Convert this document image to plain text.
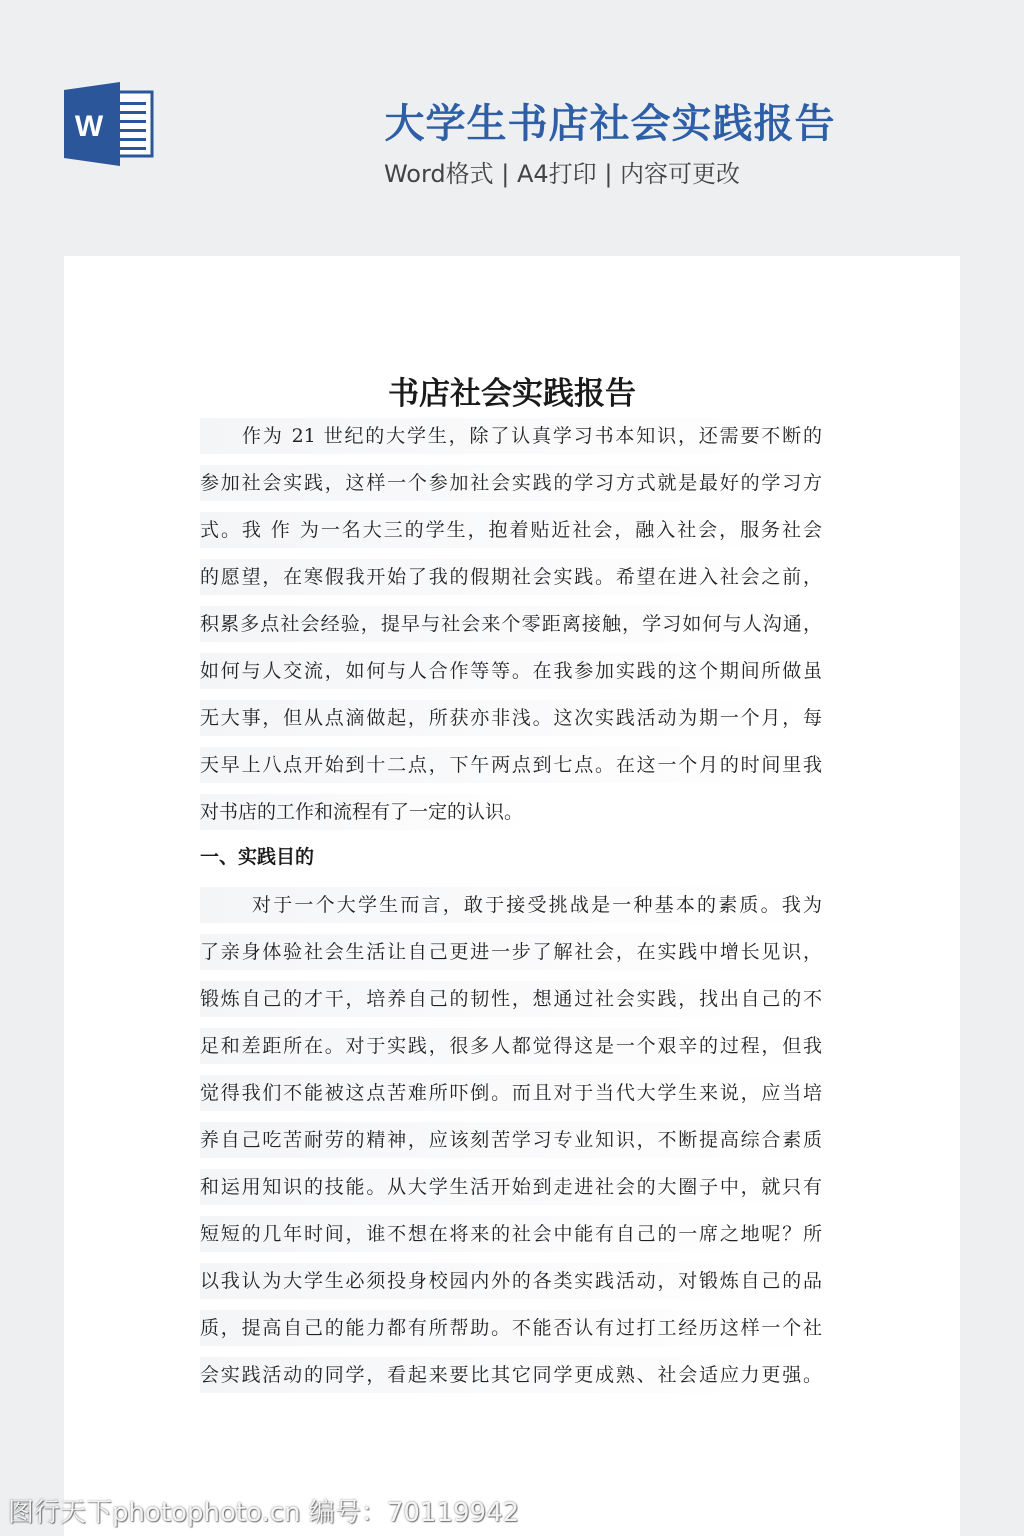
W	大学生书店社会实践报告
Word格式 | A4打印 | 内容可更改
书店社会实践报告
作为 21 世纪的大学生，除了认真学习书本知识，还需要不断的
参加社会实践，这样一个参加社会实践的学习方式就是最好的学习方
式。我 作 为一名大三的学生，抱着贴近社会，融入社会，服务社会
的愿望，在寒假我开始了我的假期社会实践。希望在进入社会之前，
积累多点社会经验，提早与社会来个零距离接触，学习如何与人沟通，
如何与人交流，如何与人合作等等。在我参加实践的这个期间所做虽
无大事，但从点滴做起，所获亦非浅。这次实践活动为期一个月，每
天早上八点开始到十二点，下午两点到七点。在这一个月的时间里我
对书店的工作和流程有了一定的认识。
一、实践目的
对于一个大学生而言，敢于接受挑战是一种基本的素质。我为
了亲身体验社会生活让自己更进一步了解社会，在实践中增长见识，
锻炼自己的才干，培养自己的韧性，想通过社会实践，找出自己的不
足和差距所在。对于实践，很多人都觉得这是一个艰辛的过程，但我
觉得我们不能被这点苦难所吓倒。而且对于当代大学生来说，应当培
养自己吃苦耐劳的精神，应该刻苦学习专业知识，不断提高综合素质
和运用知识的技能。从大学生活开始到走进社会的大圈子中，就只有
短短的几年时间，谁不想在将来的社会中能有自己的一席之地呢？所
以我认为大学生必须投身校园内外的各类实践活动，对锻炼自己的品
质，提高自己的能力都有所帮助。不能否认有过打工经历这样一个社
会实践活动的同学，看起来要比其它同学更成熟、社会适应力更强。
图行天下photophoto.cn 编号：70119942
